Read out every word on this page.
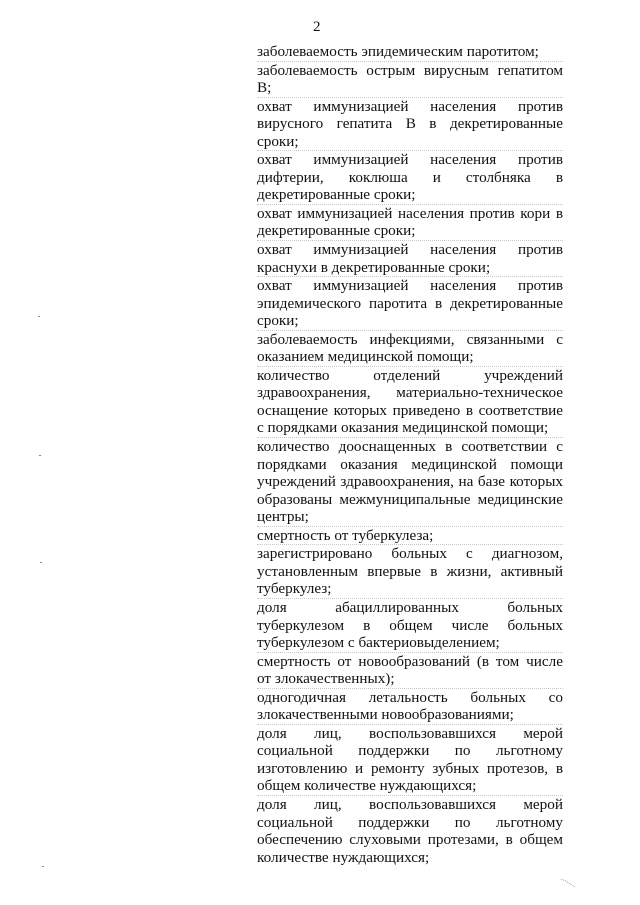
2

заболеваемость эпидемическим паротитом;

заболеваемость острым вирусным гепатитом В;

охват иммунизацией населения против вирусного гепатита В в декретированные сроки;

охват иммунизацией населения против дифтерии, коклюша и столбняка в декретированные сроки;

охват иммунизацией населения против кори в декретированные сроки;

охват иммунизацией населения против краснухи в декретированные сроки;

охват иммунизацией населения против эпидемического паротита в декретированные сроки;

заболеваемость инфекциями, связанными с оказанием медицинской помощи;

количество отделений учреждений здравоохранения, материально-техническое оснащение которых приведено в соответствие с порядками оказания медицинской помощи;

количество дооснащенных в соответствии с порядками оказания медицинской помощи учреждений здравоохранения, на базе которых образованы межмуниципальные медицинские центры;

смертность от туберкулеза;

зарегистрировано больных с диагнозом, установленным впервые в жизни, активный туберкулез;

доля абациллированных больных туберкулезом в общем числе больных туберкулезом с бактериовыделением;

смертность от новообразований (в том числе от злокачественных);

одногодичная летальность больных со злокачественными новообразованиями;

доля лиц, воспользовавшихся мерой социальной поддержки по льготному изготовлению и ремонту зубных протезов, в общем количестве нуждающихся;

доля лиц, воспользовавшихся мерой социальной поддержки по льготному обеспечению слуховыми протезами, в общем количестве нуждающихся;
